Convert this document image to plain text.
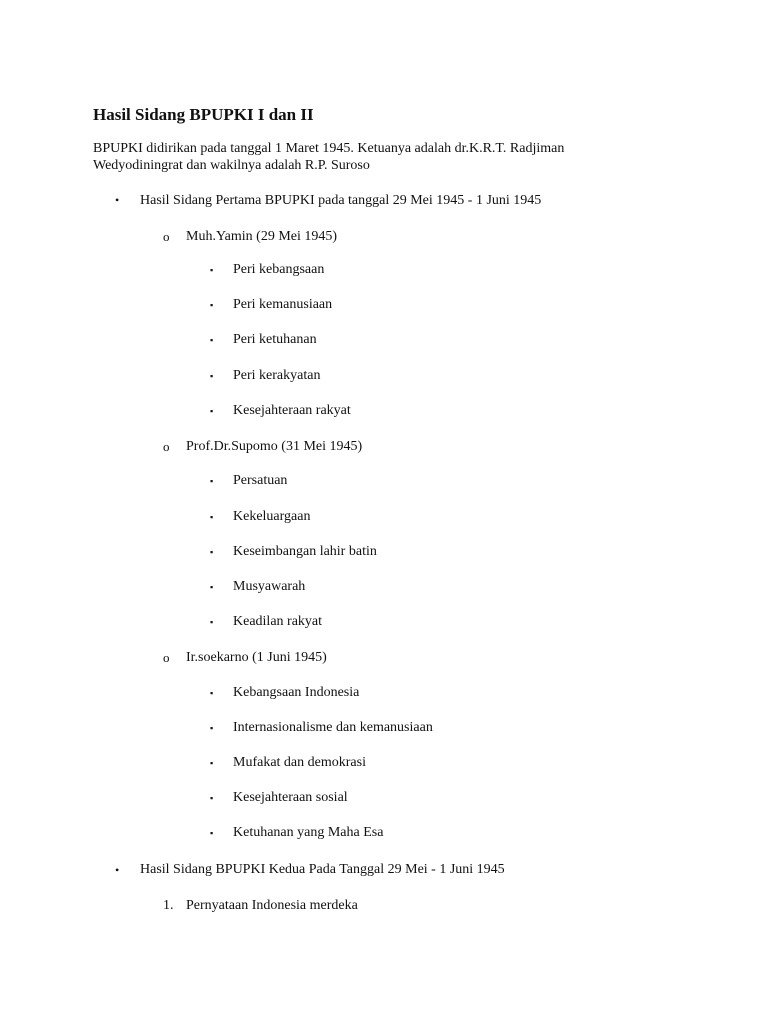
Hasil Sidang BPUPKI I dan II
BPUPKI didirikan pada tanggal 1 Maret 1945. Ketuanya adalah dr.K.R.T. Radjiman Wedyodiningrat dan wakilnya adalah R.P. Suroso
• Hasil Sidang Pertama BPUPKI pada tanggal 29 Mei 1945 - 1 Juni 1945
o Muh.Yamin (29 Mei 1945)
▪ Peri kebangsaan
▪ Peri kemanusiaan
▪ Peri ketuhanan
▪ Peri kerakyatan
▪ Kesejahteraan rakyat
o Prof.Dr.Supomo (31 Mei 1945)
▪ Persatuan
▪ Kekeluargaan
▪ Keseimbangan lahir batin
▪ Musyawarah
▪ Keadilan rakyat
o Ir.soekarno (1 Juni 1945)
▪ Kebangsaan Indonesia
▪ Internasionalisme dan kemanusiaan
▪ Mufakat dan demokrasi
▪ Kesejahteraan sosial
▪ Ketuhanan yang Maha Esa
• Hasil Sidang BPUPKI Kedua Pada Tanggal 29 Mei - 1 Juni 1945
1. Pernyataan Indonesia merdeka
